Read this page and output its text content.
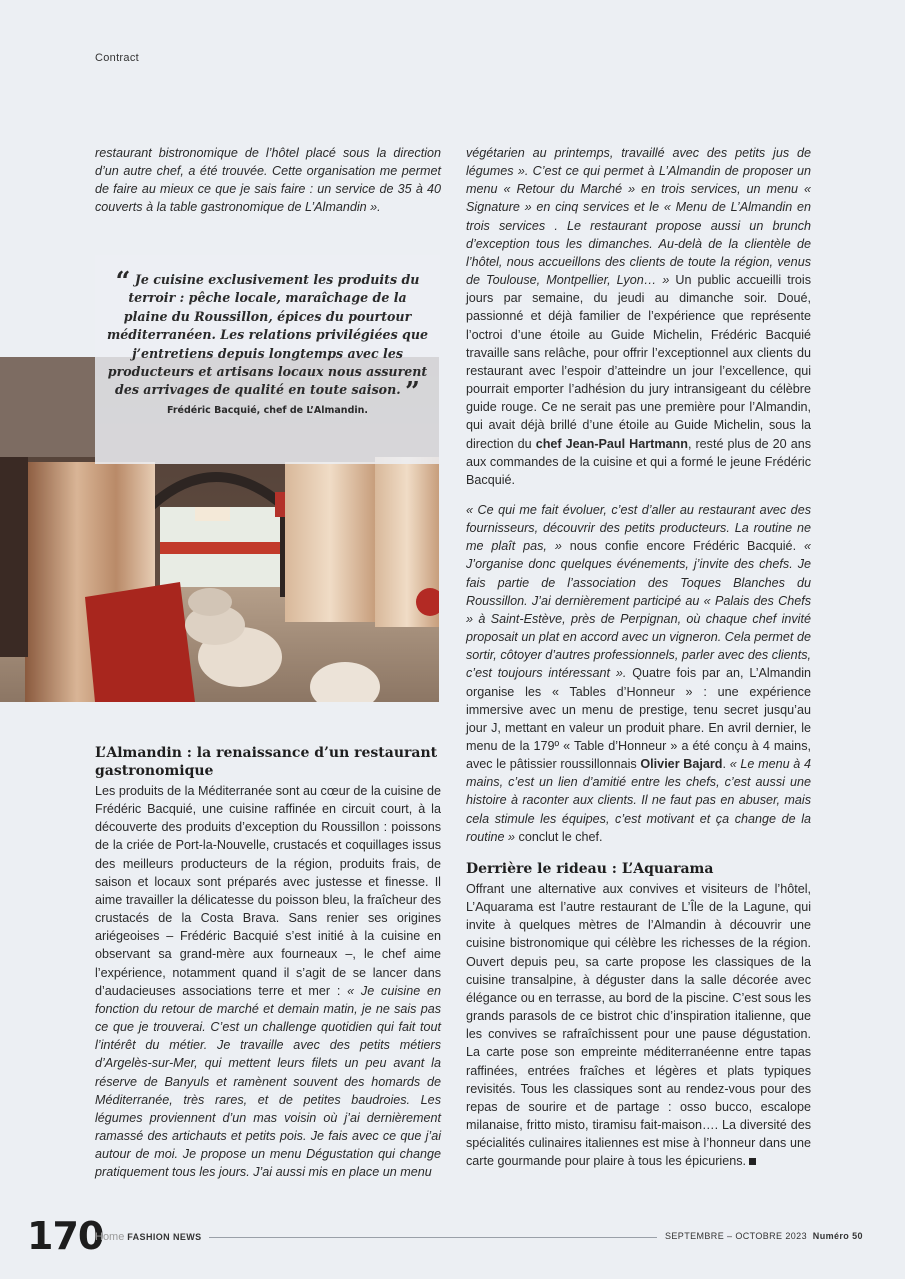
Contract

restaurant bistronomique de l’hôtel placé sous la direction d’un autre chef, a été trouvée. Cette organisation me permet de faire au mieux ce que je sais faire : un service de 35 à 40 couverts à la table gastronomique de L’Almandin ».

“ Je cuisine exclusivement les produits du terroir : pêche locale, maraîchage de la plaine du Roussillon, épices du pourtour méditerranéen. Les relations privilégiées que j’entretiens depuis longtemps avec les producteurs et artisans locaux nous assurent des arrivages de qualité en toute saison. ”
Frédéric Bacquié, chef de L’Almandin.
L’Almandin : la renaissance d’un restaurant gastronomique

Les produits de la Méditerranée sont au cœur de la cuisine de Frédéric Bacquié, une cuisine raffinée en circuit court, à la découverte des produits d’exception du Roussillon : poissons de la criée de Port-la-Nouvelle, crustacés et coquillages issus des meilleurs producteurs de la région, produits frais, de saison et locaux sont préparés avec justesse et finesse. Il aime travailler la délicatesse du poisson bleu, la fraîcheur des crustacés de la Costa Brava. Sans renier ses origines ariégeoises – Frédéric Bacquié s’est initié à la cuisine en observant sa grand-mère aux fourneaux –, le chef aime l’expérience, notamment quand il s’agit de se lancer dans d’audacieuses associations terre et mer : « Je cuisine en fonction du retour de marché et demain matin, je ne sais pas ce que je trouverai. C’est un challenge quotidien qui fait tout l’intérêt du métier. Je travaille avec des petits métiers d’Argelès-sur-Mer, qui mettent leurs filets un peu avant la réserve de Banyuls et ramènent souvent des homards de Méditerranée, très rares, et de petites baudroies. Les légumes proviennent d’un mas voisin où j’ai dernièrement ramassé des artichauts et petits pois. Je fais avec ce que j’ai autour de moi. Je propose un menu Dégustation qui change pratiquement tous les jours. J’ai aussi mis en place un menu

végétarien au printemps, travaillé avec des petits jus de légumes ». C’est ce qui permet à L’Almandin de proposer un menu « Retour du Marché » en trois services, un menu « Signature » en cinq services et le « Menu de L’Almandin en trois services . Le restaurant propose aussi un brunch d’exception tous les dimanches. Au-delà de la clientèle de l’hôtel, nous accueillons des clients de toute la région, venus de Toulouse, Montpellier, Lyon… » Un public accueilli trois jours par semaine, du jeudi au dimanche soir. Doué, passionné et déjà familier de l’expérience que représente l’octroi d’une étoile au Guide Michelin, Frédéric Bacquié travaille sans relâche, pour offrir l’exceptionnel aux clients du restaurant avec l’espoir d’atteindre un jour l’excellence, qui pourrait emporter l’adhésion du jury intransigeant du célèbre guide rouge. Ce ne serait pas une première pour l’Almandin, qui avait déjà brillé d’une étoile au Guide Michelin, sous la direction du chef Jean-Paul Hartmann, resté plus de 20 ans aux commandes de la cuisine et qui a formé le jeune Frédéric Bacquié.

« Ce qui me fait évoluer, c’est d’aller au restaurant avec des fournisseurs, découvrir des petits producteurs. La routine ne me plaît pas, » nous confie encore Frédéric Bacquié. « J’organise donc quelques événements, j’invite des chefs. Je fais partie de l’association des Toques Blanches du Roussillon. J’ai dernièrement participé au « Palais des Chefs » à Saint-Estève, près de Perpignan, où chaque chef invité proposait un plat en accord avec un vigneron. Cela permet de sortir, côtoyer d’autres professionnels, parler avec des clients, c’est toujours intéressant ». Quatre fois par an, L’Almandin organise les « Tables d’Honneur » : une expérience immersive avec un menu de prestige, tenu secret jusqu’au jour J, mettant en valeur un produit phare. En avril dernier, le menu de la 179º « Table d’Honneur » a été conçu à 4 mains, avec le pâtissier roussillonnais Olivier Bajard. « Le menu à 4 mains, c’est un lien d’amitié entre les chefs, c’est aussi une histoire à raconter aux clients. Il ne faut pas en abuser, mais cela stimule les équipes, c’est motivant et ça change de la routine » conclut le chef.

Derrière le rideau : L’Aquarama

Offrant une alternative aux convives et visiteurs de l’hôtel, L’Aquarama est l’autre restaurant de L’Île de la Lagune, qui invite à quelques mètres de l’Almandin à découvrir une cuisine bistronomique qui célèbre les richesses de la région. Ouvert depuis peu, sa carte propose les classiques de la cuisine transalpine, à déguster dans la salle décorée avec élégance ou en terrasse, au bord de la piscine. C’est sous les grands parasols de ce bistrot chic d’inspiration italienne, que les convives se rafraîchissent pour une pause dégustation. La carte pose son empreinte méditerranéenne entre tapas raffinées, entrées fraîches et légères et plats typiques revisités. Tous les classiques sont au rendez-vous pour des repas de sourire et de partage : osso bucco, escalope milanaise, fritto misto, tiramisu fait-maison…. La diversité des spécialités culinaires italiennes est mise à l’honneur dans une carte gourmande pour plaire à tous les épicuriens.

170
Home FASHION NEWS	SEPTEMBRE – OCTOBRE 2023 Numéro 50
